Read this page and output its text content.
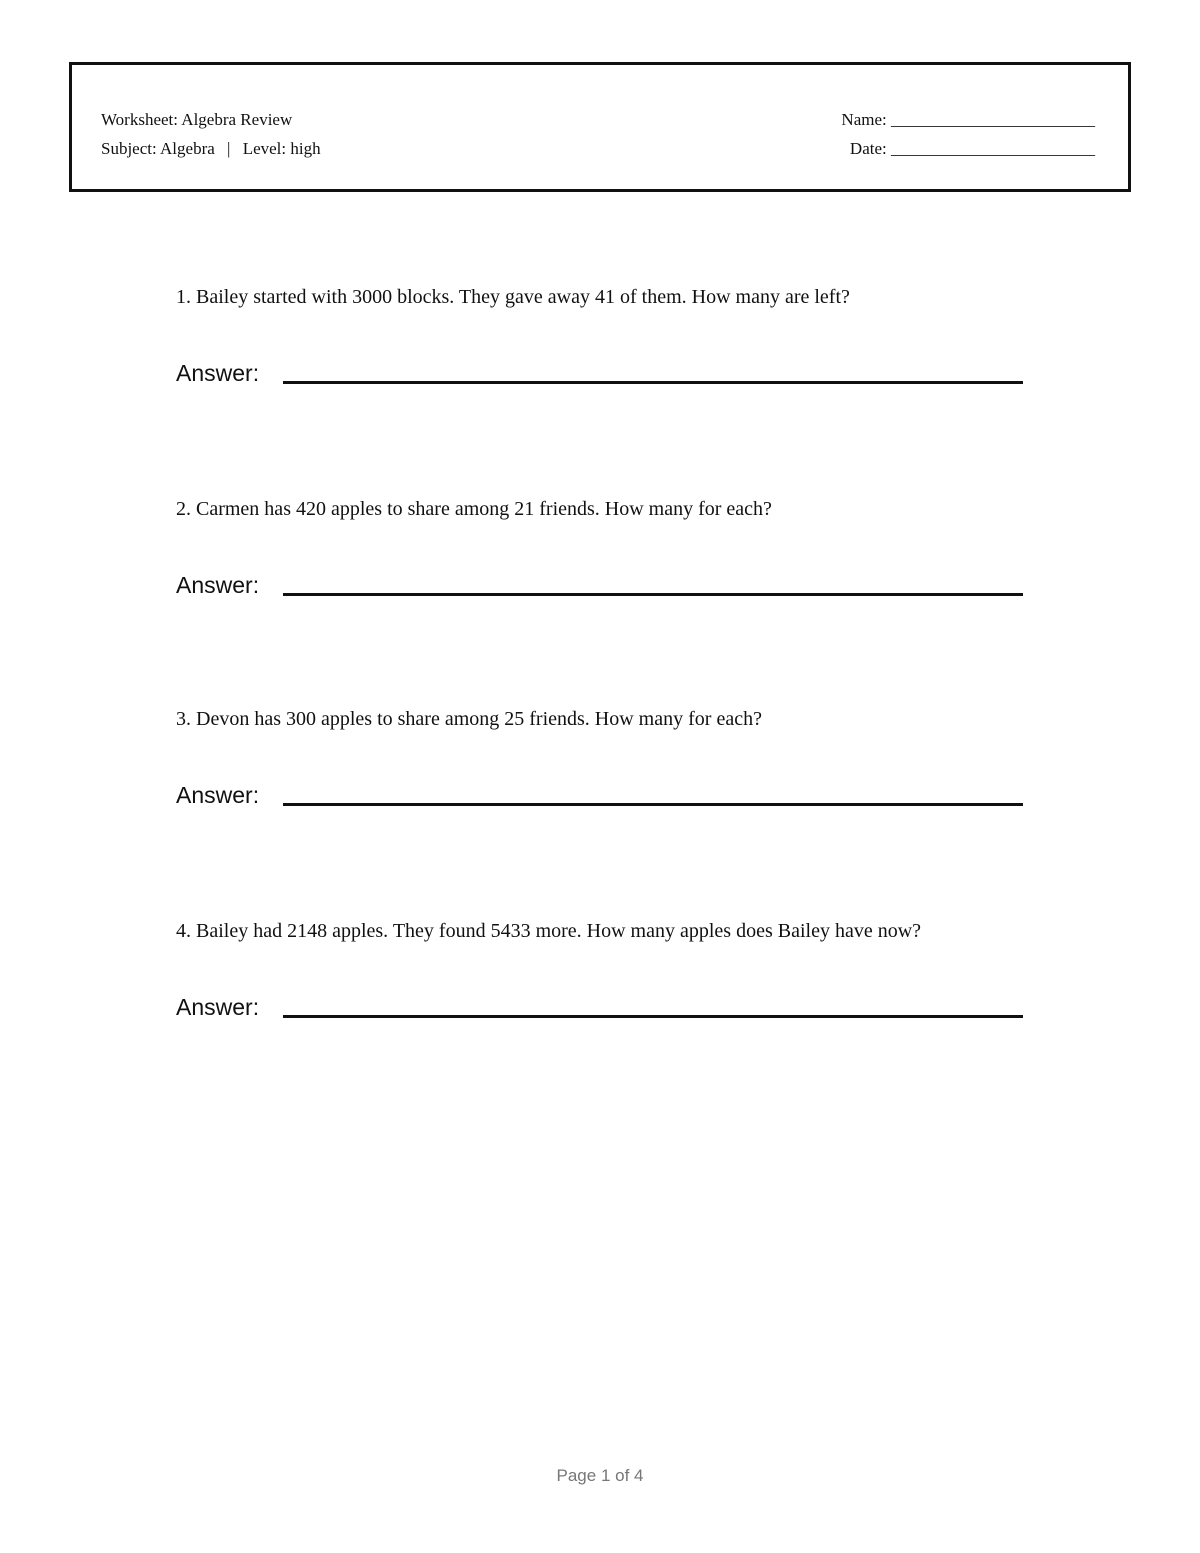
Worksheet: Algebra Review
Subject: Algebra | Level: high
Name: ________________________
Date: ________________________

1. Bailey started with 3000 blocks. They gave away 41 of them. How many are left?

Answer:

2. Carmen has 420 apples to share among 21 friends. How many for each?

Answer:

3. Devon has 300 apples to share among 25 friends. How many for each?

Answer:

4. Bailey had 2148 apples. They found 5433 more. How many apples does Bailey have now?

Answer:
Page 1 of 4
